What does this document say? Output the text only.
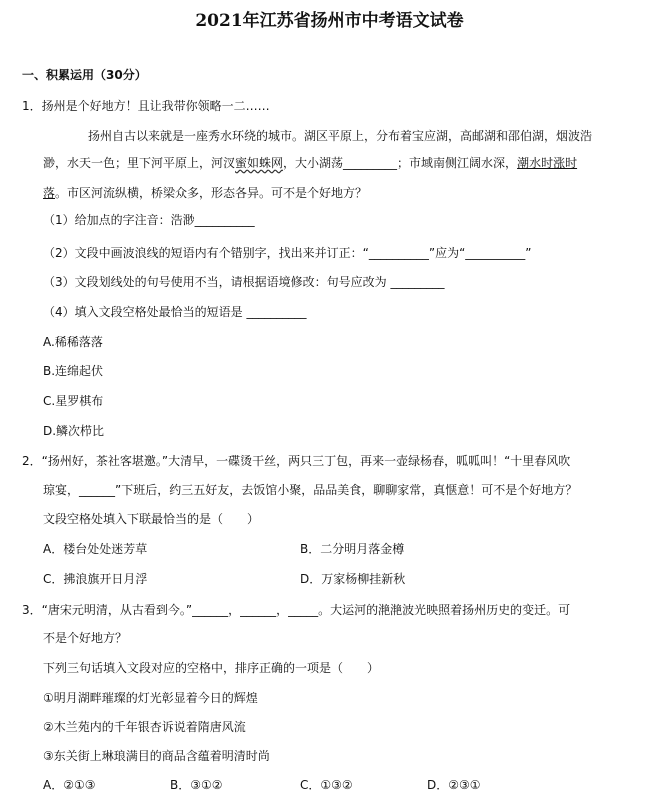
2021年江苏省扬州市中考语文试卷
一、积累运用（30分）
1．扬州是个好地方！且让我带你领略一二……
扬州自古以来就是一座秀水环绕的城市。湖区平原上，分布着宝应湖，高邮湖和邵伯湖，烟波浩
渺，水天一色；里下河平原上，河汊蜜如蛛网，大小湖荡_________；市域南侧江阔水深，潮水时涨时
落。市区河流纵横，桥梁众多，形态各异。可不是个好地方？
（1）给加点的字注音：浩渺__________
（2）文段中画波浪线的短语内有个错别字，找出来并订正：“__________”应为“__________”
（3）文段划线处的句号使用不当，请根据语境修改：句号应改为 _________
（4）填入文段空格处最恰当的短语是 __________
A.稀稀落落
B.连绵起伏
C.星罗棋布
D.鳞次栉比
2．“扬州好，茶社客堪邀。”大清早，一碟烫干丝，两只三丁包，再来一壶绿杨春，呱呱叫！“十里春风吹
琼宴，______”下班后，约三五好友，去饭馆小聚，品品美食，聊聊家常，真惬意！可不是个好地方？
文段空格处填入下联最恰当的是（　　）
A．楼台处处迷芳草	B．二分明月落金樽
C．拂浪旗开日月浮	D．万家杨柳挂新秋
3．“唐宋元明清，从古看到今。”______，______，_____。大运河的滟滟波光映照着扬州历史的变迁。可
不是个好地方？
下列三句话填入文段对应的空格中，排序正确的一项是（　　）
①明月湖畔璀璨的灯光彰显着今日的辉煌
②木兰苑内的千年银杏诉说着隋唐风流
③东关街上琳琅满目的商品含蕴着明清时尚
A．②①③	B．③①②	C．①③②	D．②③①
